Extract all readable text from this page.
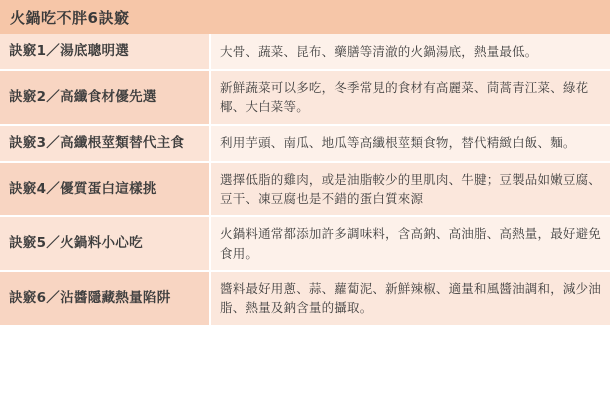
火鍋吃不胖6訣竅
訣竅1／湯底聰明選	大骨、蔬菜、昆布、藥膳等清澈的火鍋湯底，熱量最低。
訣竅2／高纖食材優先選	新鮮蔬菜可以多吃，冬季常見的食材有高麗菜、茼蒿青江菜、綠花椰、大白菜等。
訣竅3／高纖根莖類替代主食	利用芋頭、南瓜、地瓜等高纖根莖類食物，替代精緻白飯、麵。
訣竅4／優質蛋白這樣挑	選擇低脂的雞肉，或是油脂較少的里肌肉、牛腱；豆製品如嫩豆腐、豆干、凍豆腐也是不錯的蛋白質來源
訣竅5／火鍋料小心吃	火鍋料通常都添加許多調味料，含高鈉、高油脂、高熱量，最好避免食用。
訣竅6／沾醬隱藏熱量陷阱	醬料最好用蔥、蒜、蘿蔔泥、新鮮辣椒、適量和風醬油調和，減少油脂、熱量及鈉含量的攝取。
